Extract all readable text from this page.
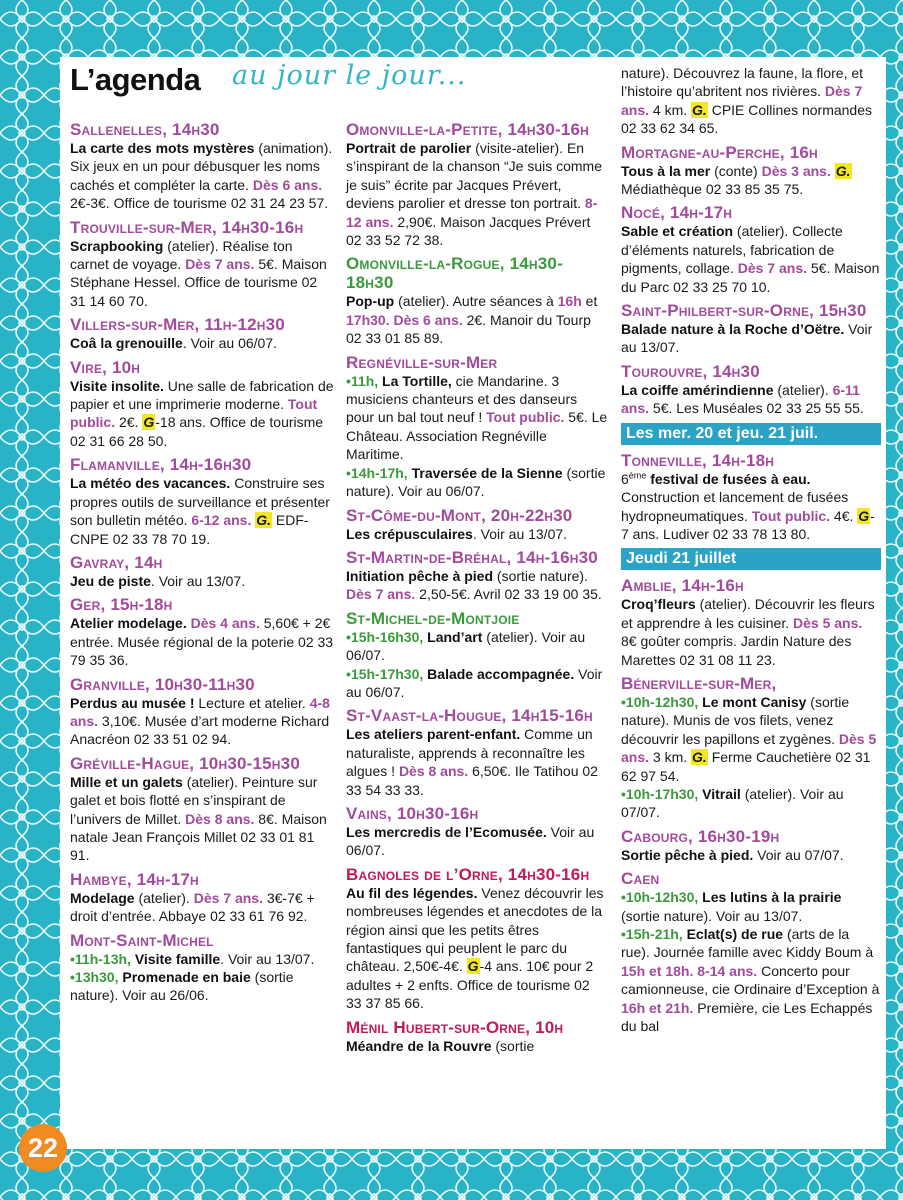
L’agenda au jour le jour...
Sallenelles, 14h30
La carte des mots mystères (animation). Six jeux en un pour débusquer les noms cachés et compléter la carte. Dès 6 ans. 2€-3€. Office de tourisme 02 31 24 23 57.
Trouville-sur-Mer, 14h30-16h
Scrapbooking (atelier). Réalise ton carnet de voyage. Dès 7 ans. 5€. Maison Stéphane Hessel. Office de tourisme 02 31 14 60 70.
Villers-sur-Mer, 11h-12h30
Coâ la grenouille. Voir au 06/07.
Vire, 10h
Visite insolite. Une salle de fabrication de papier et une imprimerie moderne. Tout public. 2€. G-18 ans. Office de tourisme 02 31 66 28 50.
Flamanville, 14h-16h30
La météo des vacances. Construire ses propres outils de surveillance et présenter son bulletin météo. 6-12 ans. G. EDF-CNPE 02 33 78 70 19.
Gavray, 14h
Jeu de piste. Voir au 13/07.
Ger, 15h-18h
Atelier modelage. Dès 4 ans. 5,60€ + 2€ entrée. Musée régional de la poterie 02 33 79 35 36.
Granville, 10h30-11h30
Perdus au musée ! Lecture et atelier. 4-8 ans. 3,10€. Musée d’art moderne Richard Anacréon 02 33 51 02 94.
Gréville-Hague, 10h30-15h30
Mille et un galets (atelier). Peinture sur galet et bois flotté en s’inspirant de l’univers de Millet. Dès 8 ans. 8€. Maison natale Jean François Millet 02 33 01 81 91.
Hambye, 14h-17h
Modelage (atelier). Dès 7 ans. 3€-7€ + droit d’entrée. Abbaye 02 33 61 76 92.
Mont-Saint-Michel
•11h-13h, Visite famille. Voir au 13/07.
•13h30, Promenade en baie (sortie nature). Voir au 26/06.
Omonville-la-Petite, 14h30-16h
Portrait de parolier (visite-atelier). En s’inspirant de la chanson “Je suis comme je suis” écrite par Jacques Prévert, deviens parolier et dresse ton portrait. 8-12 ans. 2,90€. Maison Jacques Prévert 02 33 52 72 38.
Omonville-la-Rogue, 14h30-18h30
Pop-up (atelier). Autre séances à 16h et 17h30. Dès 6 ans. 2€. Manoir du Tourp 02 33 01 85 89.
Regnéville-sur-Mer
•11h, La Tortille, cie Mandarine. 3 musiciens chanteurs et des danseurs pour un bal tout neuf ! Tout public. 5€. Le Château. Association Regnéville Maritime.
•14h-17h, Traversée de la Sienne (sortie nature). Voir au 06/07.
St-Côme-du-Mont, 20h-22h30
Les crépusculaires. Voir au 13/07.
St-Martin-de-Bréhal, 14h-16h30
Initiation pêche à pied (sortie nature). Dès 7 ans. 2,50-5€. Avril 02 33 19 00 35.
St-Michel-de-Montjoie
•15h-16h30, Land’art (atelier). Voir au 06/07.
•15h-17h30, Balade accompagnée. Voir au 06/07.
St-Vaast-la-Hougue, 14h15-16h
Les ateliers parent-enfant. Comme un naturaliste, apprends à reconnaître les algues ! Dès 8 ans. 6,50€. Ile Tatihou 02 33 54 33 33.
Vains, 10h30-16h
Les mercredis de l’Ecomusée. Voir au 06/07.
Bagnoles de l’Orne, 14h30-16h
Au fil des légendes. Venez découvrir les nombreuses légendes et anecdotes de la région ainsi que les petits êtres fantastiques qui peuplent le parc du château. 2,50€-4€. G-4 ans. 10€ pour 2 adultes + 2 enfts. Office de tourisme 02 33 37 85 66.
Ménil Hubert-sur-Orne, 10h
Méandre de la Rouvre (sortie
nature). Découvrez la faune, la flore, et l’histoire qu’abritent nos rivières. Dès 7 ans. 4 km. G. CPIE Collines normandes 02 33 62 34 65.
Mortagne-au-Perche, 16h
Tous à la mer (conte) Dès 3 ans. G. Médiathèque 02 33 85 35 75.
Nocé, 14h-17h
Sable et création (atelier). Collecte d’éléments naturels, fabrication de pigments, collage. Dès 7 ans. 5€. Maison du Parc 02 33 25 70 10.
Saint-Philbert-sur-Orne, 15h30
Balade nature à la Roche d’Oëtre. Voir au 13/07.
Tourouvre, 14h30
La coiffe amérindienne (atelier). 6-11 ans. 5€. Les Muséales 02 33 25 55 55.
Les mer. 20 et jeu. 21 juil.
Tonneville, 14h-18h
6ème festival de fusées à eau. Construction et lancement de fusées hydropneumatiques. Tout public. 4€. G-7 ans. Ludiver 02 33 78 13 80.
Jeudi 21 juillet
Amblie, 14h-16h
Croq’fleurs (atelier). Découvrir les fleurs et apprendre à les cuisiner. Dès 5 ans. 8€ goûter compris. Jardin Nature des Marettes 02 31 08 11 23.
Bénerville-sur-Mer,
•10h-12h30, Le mont Canisy (sortie nature). Munis de vos filets, venez découvrir les papillons et zygènes. Dès 5 ans. 3 km. G. Ferme Cauchetière 02 31 62 97 54.
•10h-17h30, Vitrail (atelier). Voir au 07/07.
Cabourg, 16h30-19h
Sortie pêche à pied. Voir au 07/07.
Caen
•10h-12h30, Les lutins à la prairie (sortie nature). Voir au 13/07.
•15h-21h, Eclat(s) de rue (arts de la rue). Journée famille avec Kiddy Boum à 15h et 18h. 8-14 ans. Concerto pour camionneuse, cie Ordinaire d’Exception à 16h et 21h. Première, cie Les Echappés du bal
22
